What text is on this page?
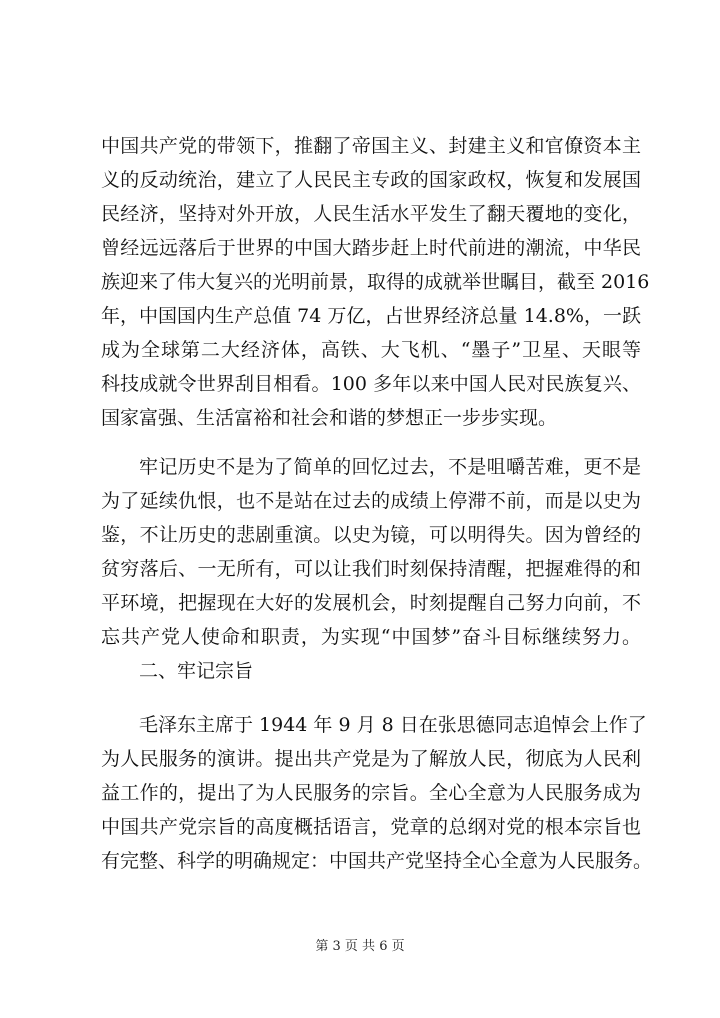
中国共产党的带领下，推翻了帝国主义、封建主义和官僚资本主
义的反动统治，建立了人民民主专政的国家政权，恢复和发展国
民经济，坚持对外开放，人民生活水平发生了翻天覆地的变化，
曾经远远落后于世界的中国大踏步赶上时代前进的潮流，中华民
族迎来了伟大复兴的光明前景，取得的成就举世瞩目，截至 2016
年，中国国内生产总值 74 万亿，占世界经济总量 14.8%，一跃
成为全球第二大经济体，高铁、大飞机、“墨子”卫星、天眼等
科技成就令世界刮目相看。100 多年以来中国人民对民族复兴、
国家富强、生活富裕和社会和谐的梦想正一步步实现。
牢记历史不是为了简单的回忆过去，不是咀嚼苦难，更不是
为了延续仇恨，也不是站在过去的成绩上停滞不前，而是以史为
鉴，不让历史的悲剧重演。以史为镜，可以明得失。因为曾经的
贫穷落后、一无所有，可以让我们时刻保持清醒，把握难得的和
平环境，把握现在大好的发展机会，时刻提醒自己努力向前，不
忘共产党人使命和职责，为实现“中国梦”奋斗目标继续努力。
二、牢记宗旨
毛泽东主席于 1944 年 9 月 8 日在张思德同志追悼会上作了
为人民服务的演讲。提出共产党是为了解放人民，彻底为人民利
益工作的，提出了为人民服务的宗旨。全心全意为人民服务成为
中国共产党宗旨的高度概括语言，党章的总纲对党的根本宗旨也
有完整、科学的明确规定：中国共产党坚持全心全意为人民服务。
第 3 页 共 6 页
